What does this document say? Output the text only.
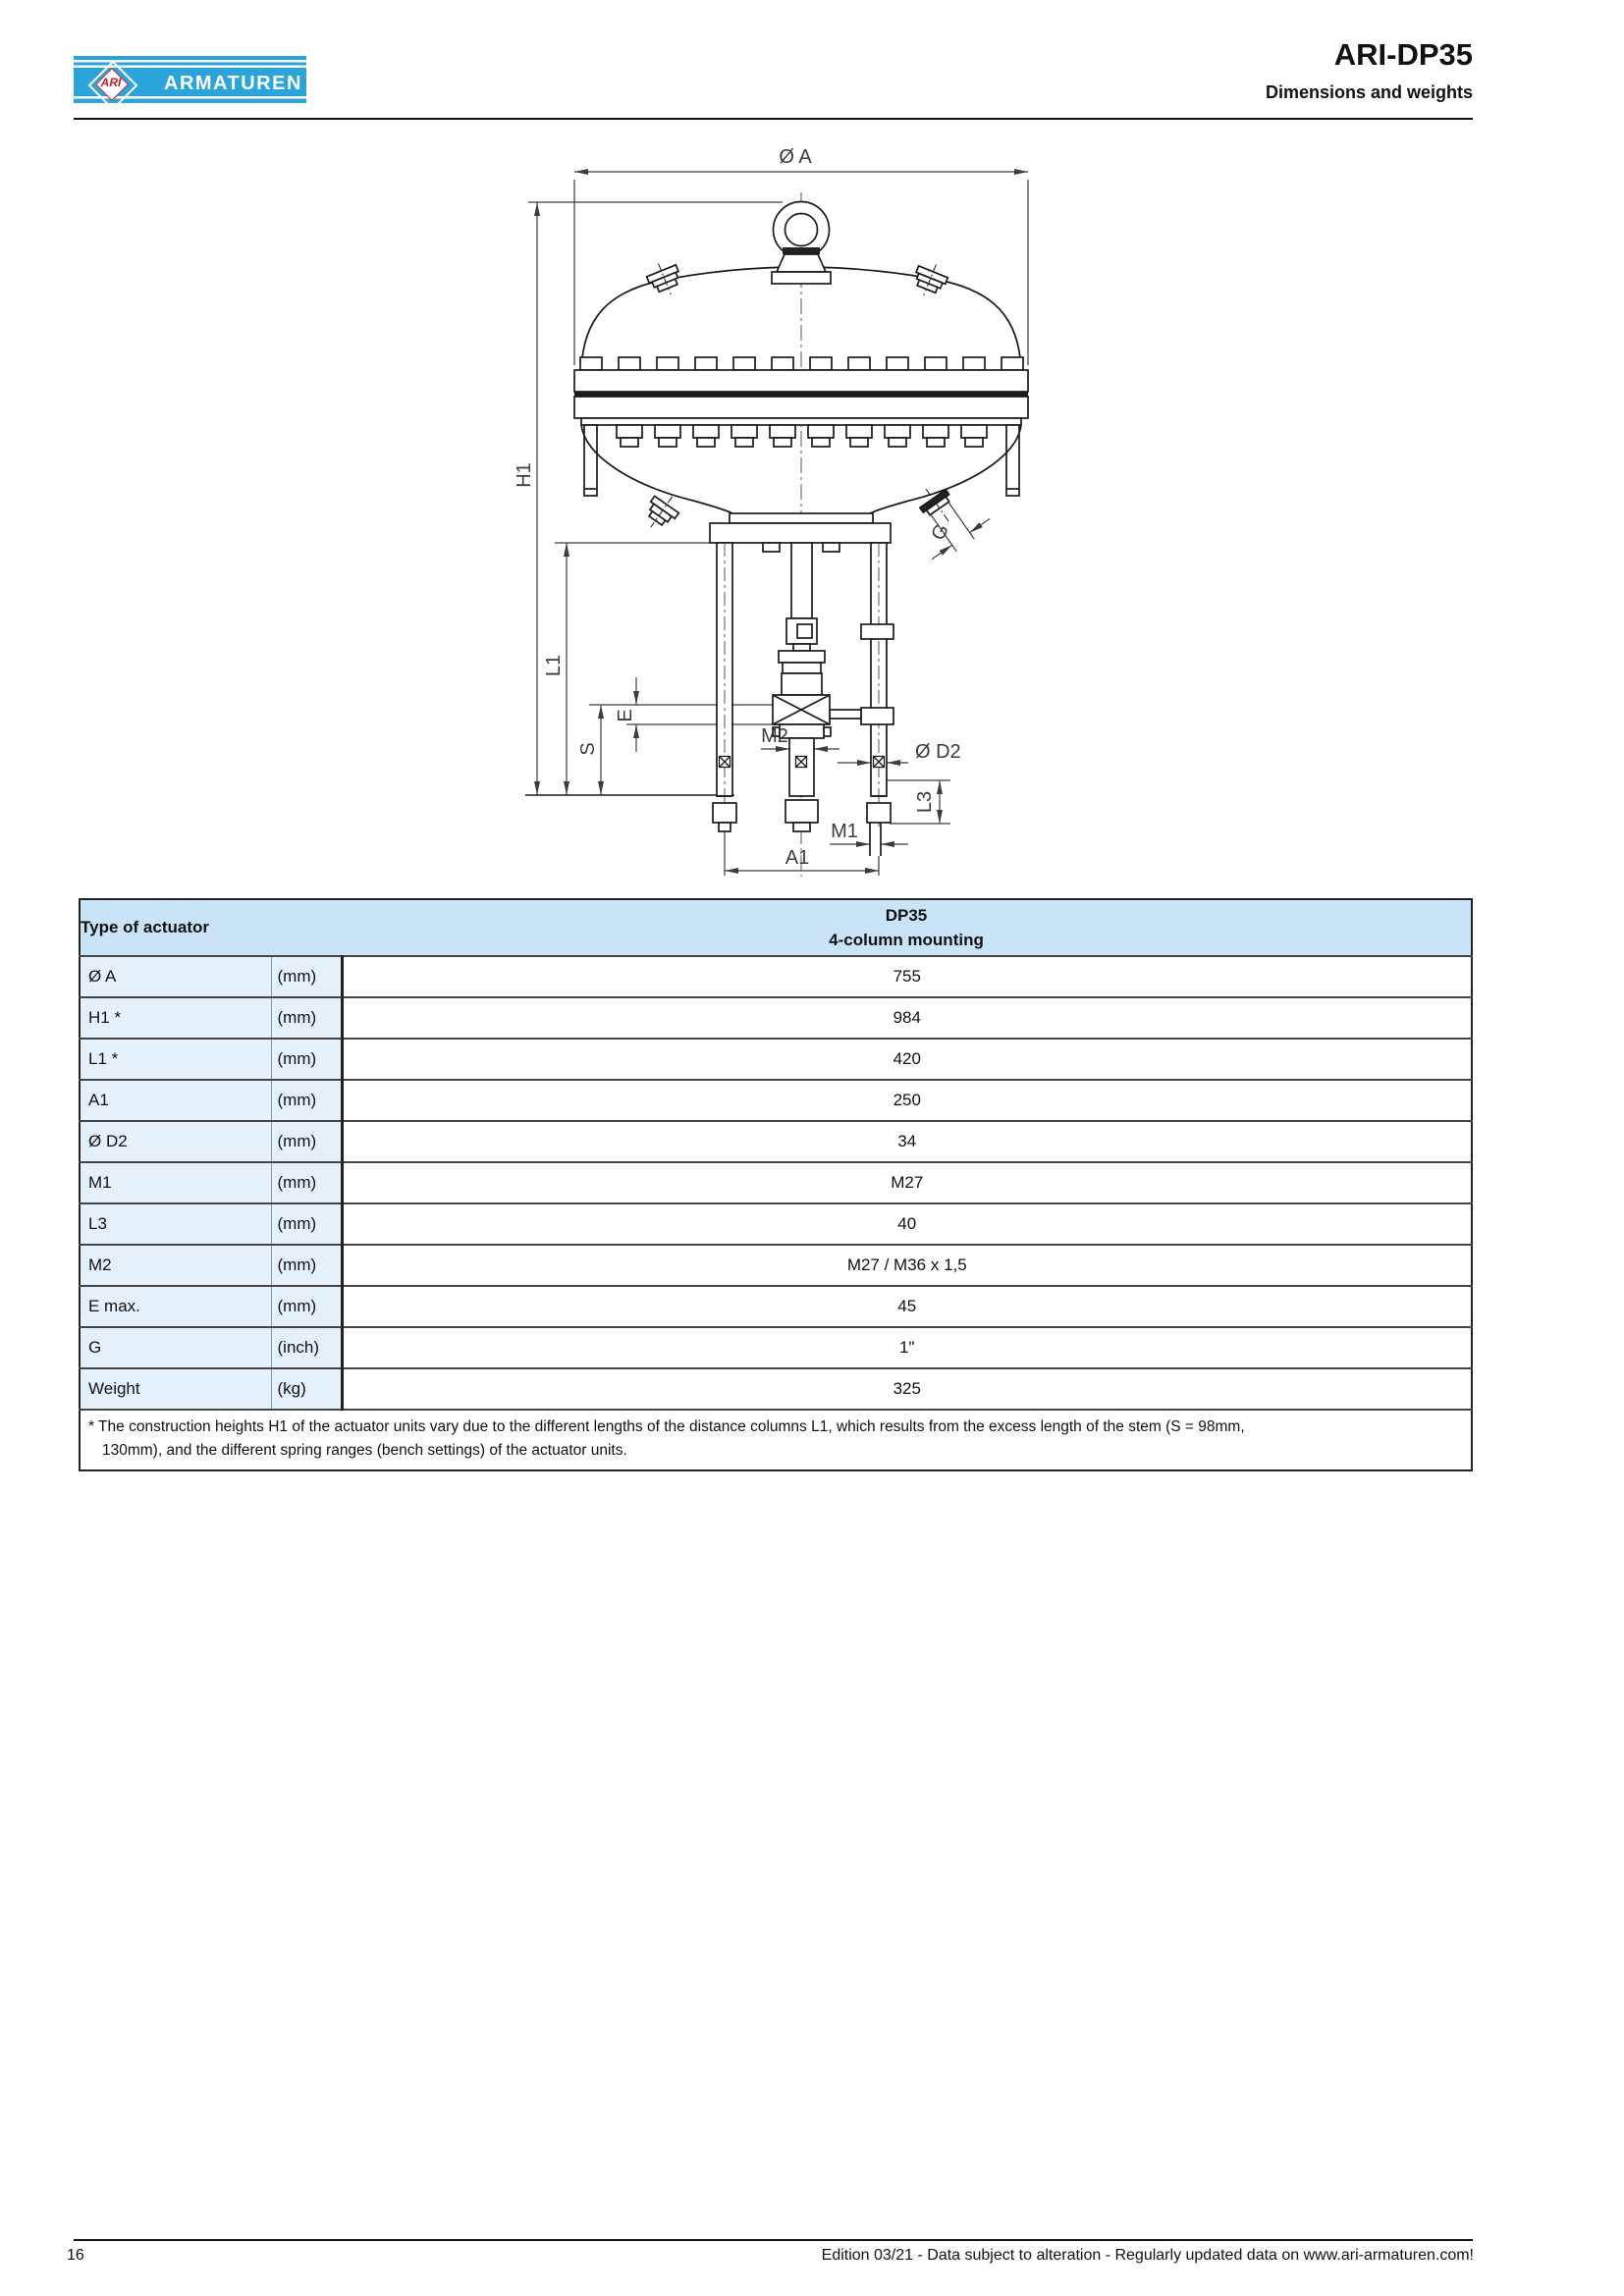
ARI	ARMATUREN
ARI-DP35
Dimensions and weights
Ø A
H1
L1
S
E
M2
Ø D2
M1
A1
L3
G
Type of actuator		DP35
4-column mounting

Ø A	(mm)	755
H1 *	(mm)	984
L1 *	(mm)	420
A1	(mm)	250
Ø D2	(mm)	34
M1	(mm)	M27
L3	(mm)	40
M2	(mm)	M27 / M36 x 1,5
E max.	(mm)	45
G	(inch)	1"
Weight	(kg)	325

* The construction heights H1 of the actuator units vary due to the different lengths of the distance columns L1, which results from the excess length of the stem (S = 98mm,
130mm), and the different spring ranges (bench settings) of the actuator units.		
16	Edition 03/21 - Data subject to alteration - Regularly updated data on www.ari-armaturen.com!
